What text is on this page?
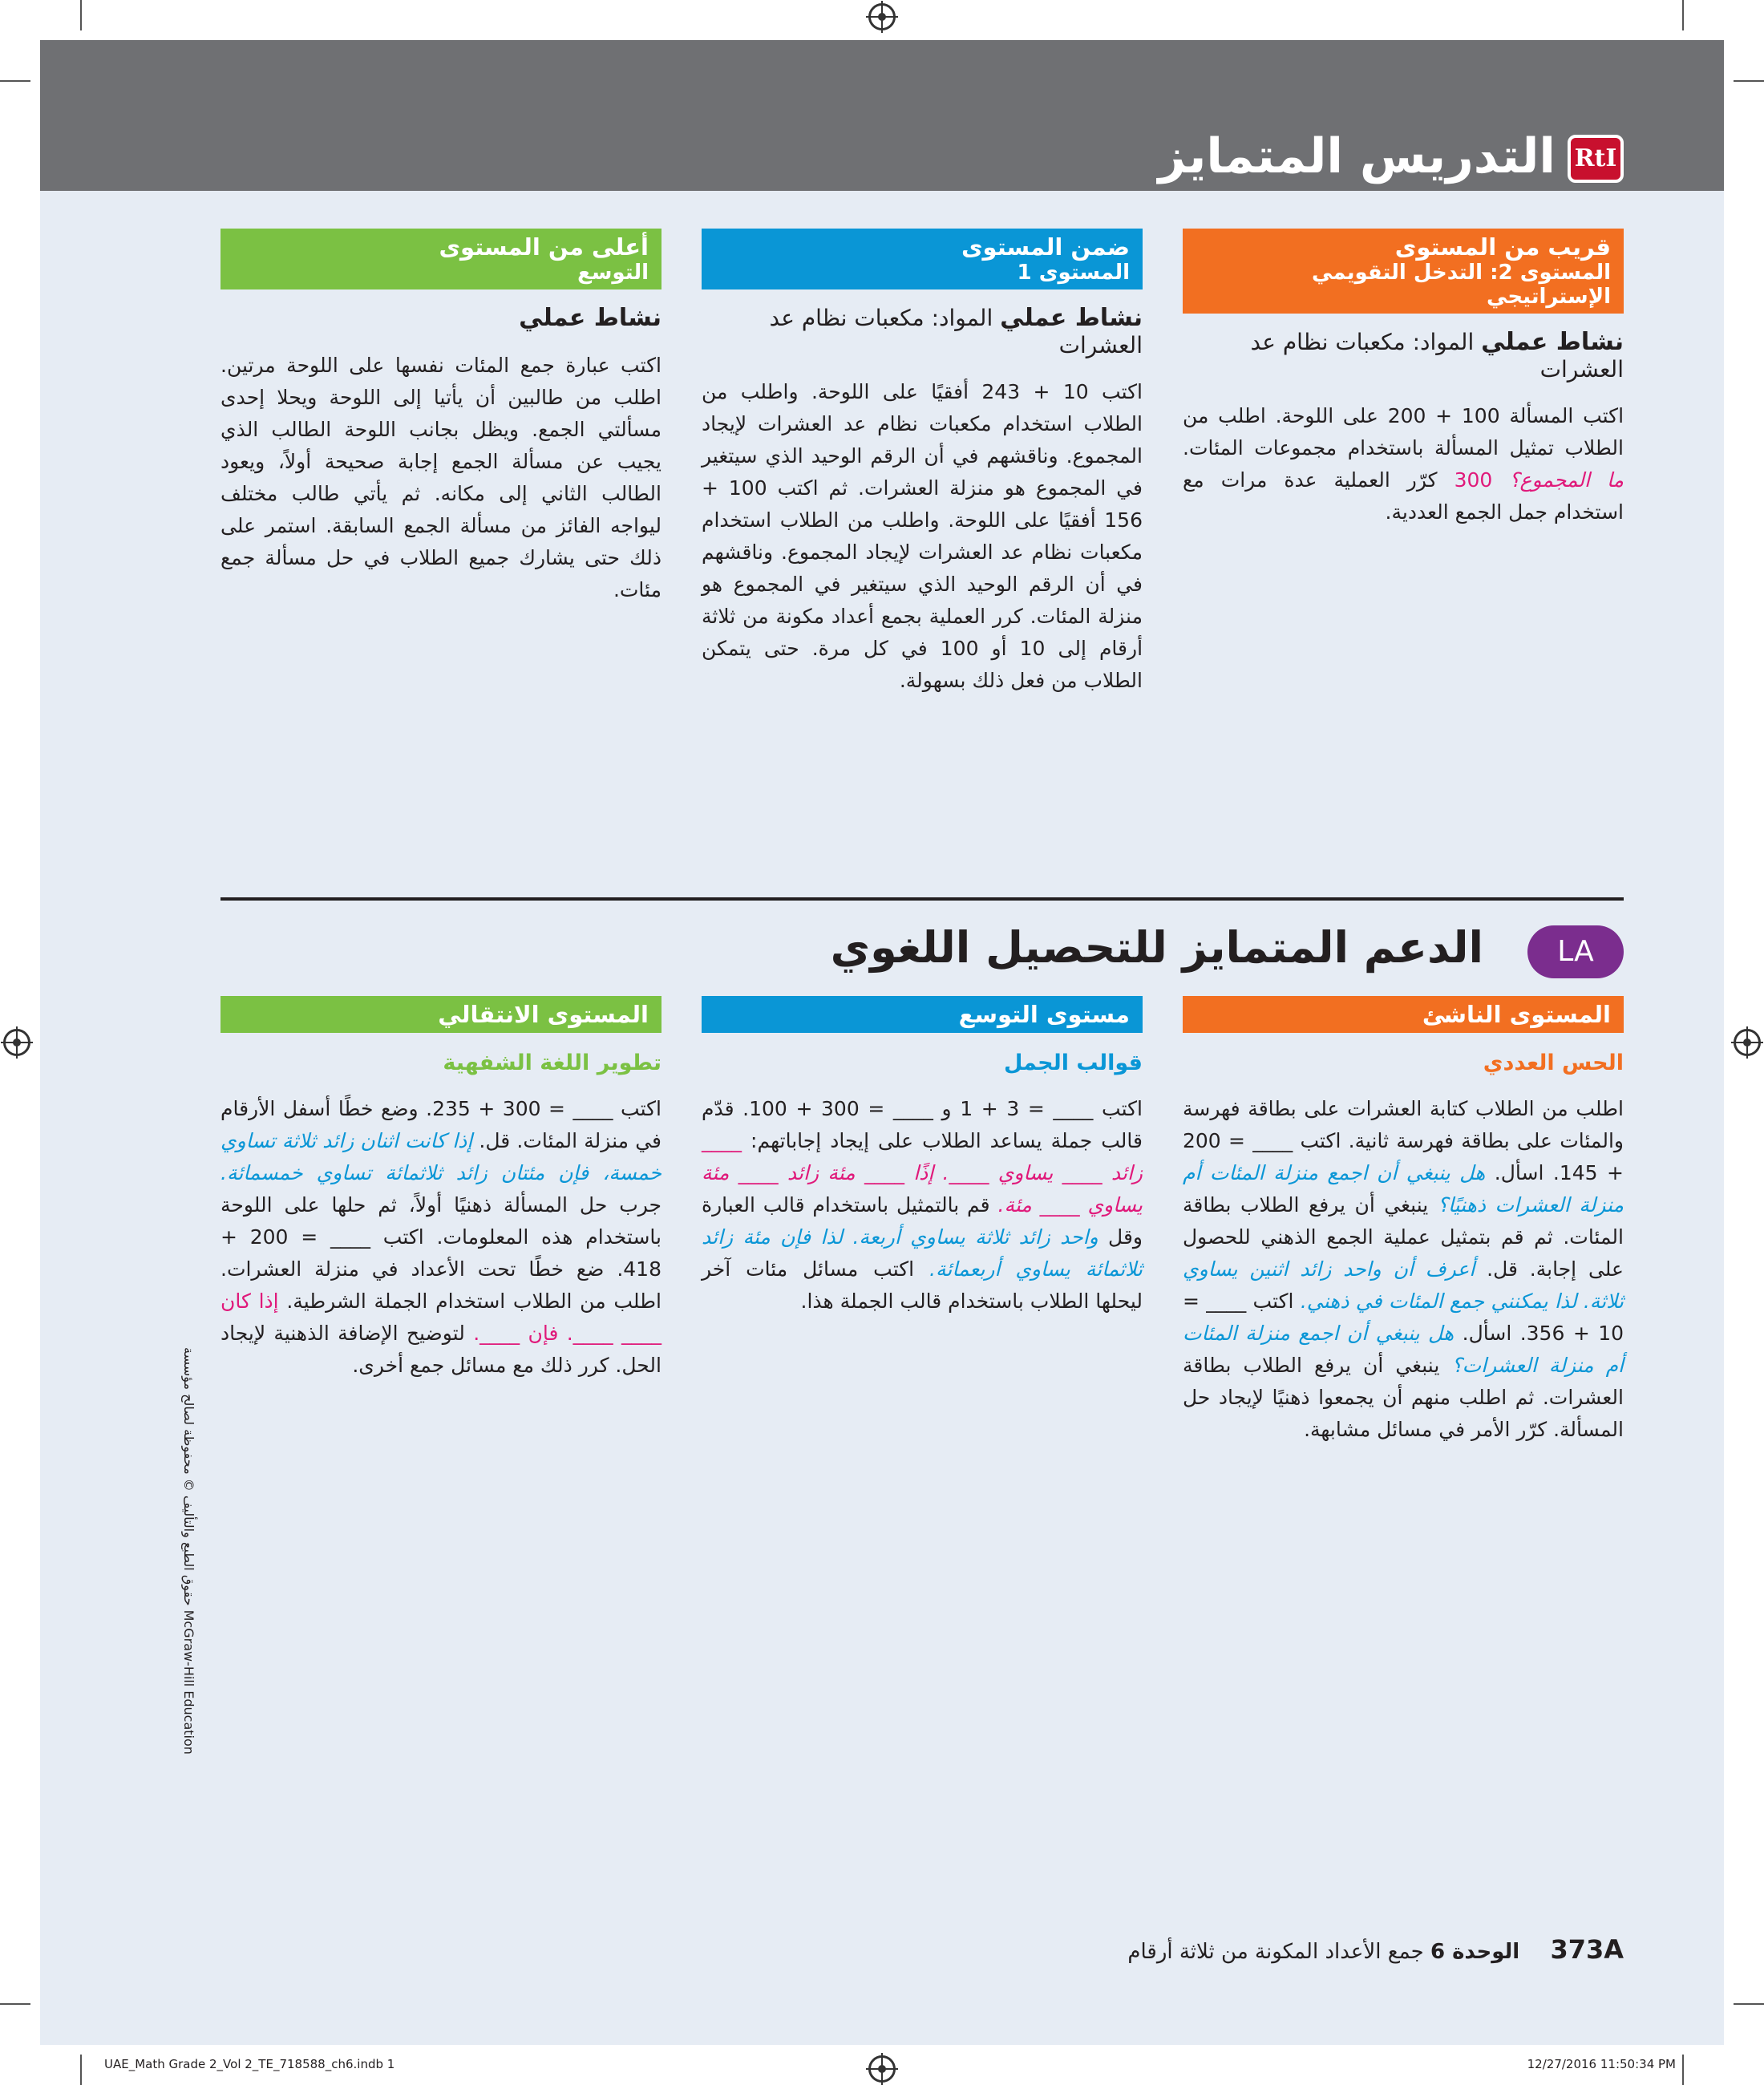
RtI
التدريس المتمايز
قريب من المستوى
المستوى 2: التدخل التقويمي الإستراتيجي
نشاط عملي المواد: مكعبات نظام عد العشرات
اكتب المسألة 100 + 200 على اللوحة. اطلب من الطلاب تمثيل المسألة باستخدام مجموعات المئات. ما المجموع؟ 300 كرّر العملية عدة مرات مع استخدام جمل الجمع العددية.
ضمن المستوى
المستوى 1
نشاط عملي المواد: مكعبات نظام عد العشرات
اكتب 10 + 243 أفقيًا على اللوحة. واطلب من الطلاب استخدام مكعبات نظام عد العشرات لإيجاد المجموع. وناقشهم في أن الرقم الوحيد الذي سيتغير في المجموع هو منزلة العشرات. ثم اكتب 100 + 156 أفقيًا على اللوحة. واطلب من الطلاب استخدام مكعبات نظام عد العشرات لإيجاد المجموع. وناقشهم في أن الرقم الوحيد الذي سيتغير في المجموع هو منزلة المئات. كرر العملية بجمع أعداد مكونة من ثلاثة أرقام إلى 10 أو 100 في كل مرة. حتى يتمكن الطلاب من فعل ذلك بسهولة.
أعلى من المستوى
التوسع
نشاط عملي
اكتب عبارة جمع المئات نفسها على اللوحة مرتين. اطلب من طالبين أن يأتيا إلى اللوحة ويحلا إحدى مسألتي الجمع. ويظل بجانب اللوحة الطالب الذي يجيب عن مسألة الجمع إجابة صحيحة أولاً، ويعود الطالب الثاني إلى مكانه. ثم يأتي طالب مختلف ليواجه الفائز من مسألة الجمع السابقة. استمر على ذلك حتى يشارك جميع الطلاب في حل مسألة جمع مئات.
LA
الدعم المتمايز للتحصيل اللغوي
المستوى الناشئ
الحس العددي
اطلب من الطلاب كتابة العشرات على بطاقة فهرسة والمئات على بطاقة فهرسة ثانية. اكتب ____ = 200 + 145. اسأل. هل ينبغي أن اجمع منزلة المئات أم منزلة العشرات ذهنيًا؟ ينبغي أن يرفع الطلاب بطاقة المئات. ثم قم بتمثيل عملية الجمع الذهني للحصول على إجابة. قل. أعرف أن واحد زائد اثنين يساوي ثلاثة. لذا يمكنني جمع المئات في ذهني. اكتب ____ = 10 + 356. اسأل. هل ينبغي أن اجمع منزلة المئات أم منزلة العشرات؟ ينبغي أن يرفع الطلاب بطاقة العشرات. ثم اطلب منهم أن يجمعوا ذهنيًا لإيجاد حل المسألة. كرّر الأمر في مسائل مشابهة.
مستوى التوسع
قوالب الجمل
اكتب ____ = 3 + 1 و ____ = 300 + 100. قدّم قالب جملة يساعد الطلاب على إيجاد إجاباتهم: ____ زائد ____ يساوي ____. إذًا ____ مئة زائد ____ مئة يساوي ____ مئة. قم بالتمثيل باستخدام قالب العبارة وقل واحد زائد ثلاثة يساوي أربعة. لذا فإن مئة زائد ثلاثمائة يساوي أربعمائة. اكتب مسائل مئات آخر ليحلها الطلاب باستخدام قالب الجملة هذا.
المستوى الانتقالي
تطوير اللغة الشفهية
اكتب ____ = 300 + 235. وضع خطًا أسفل الأرقام في منزلة المئات. قل. إذا كانت اثنان زائد ثلاثة تساوي خمسة، فإن مئتان زائد ثلاثمائة تساوي خمسمائة. جرب حل المسألة ذهنيًا أولاً، ثم حلها على اللوحة باستخدام هذه المعلومات. اكتب ____ = 200 + 418. ضع خطًا تحت الأعداد في منزلة العشرات. اطلب من الطلاب استخدام الجملة الشرطية. إذا كان ____ ____. فإن ____. لتوضيح الإضافة الذهنية لإيجاد الحل. كرر ذلك مع مسائل جمع أخرى.
حقوق الطبع والتأليف © محفوظة لصالح مؤسسة McGraw-Hill Education
373A الوحدة 6 جمع الأعداد المكونة من ثلاثة أرقام
UAE_Math Grade 2_Vol 2_TE_718588_ch6.indb 1	12/27/2016 11:50:34 PM
